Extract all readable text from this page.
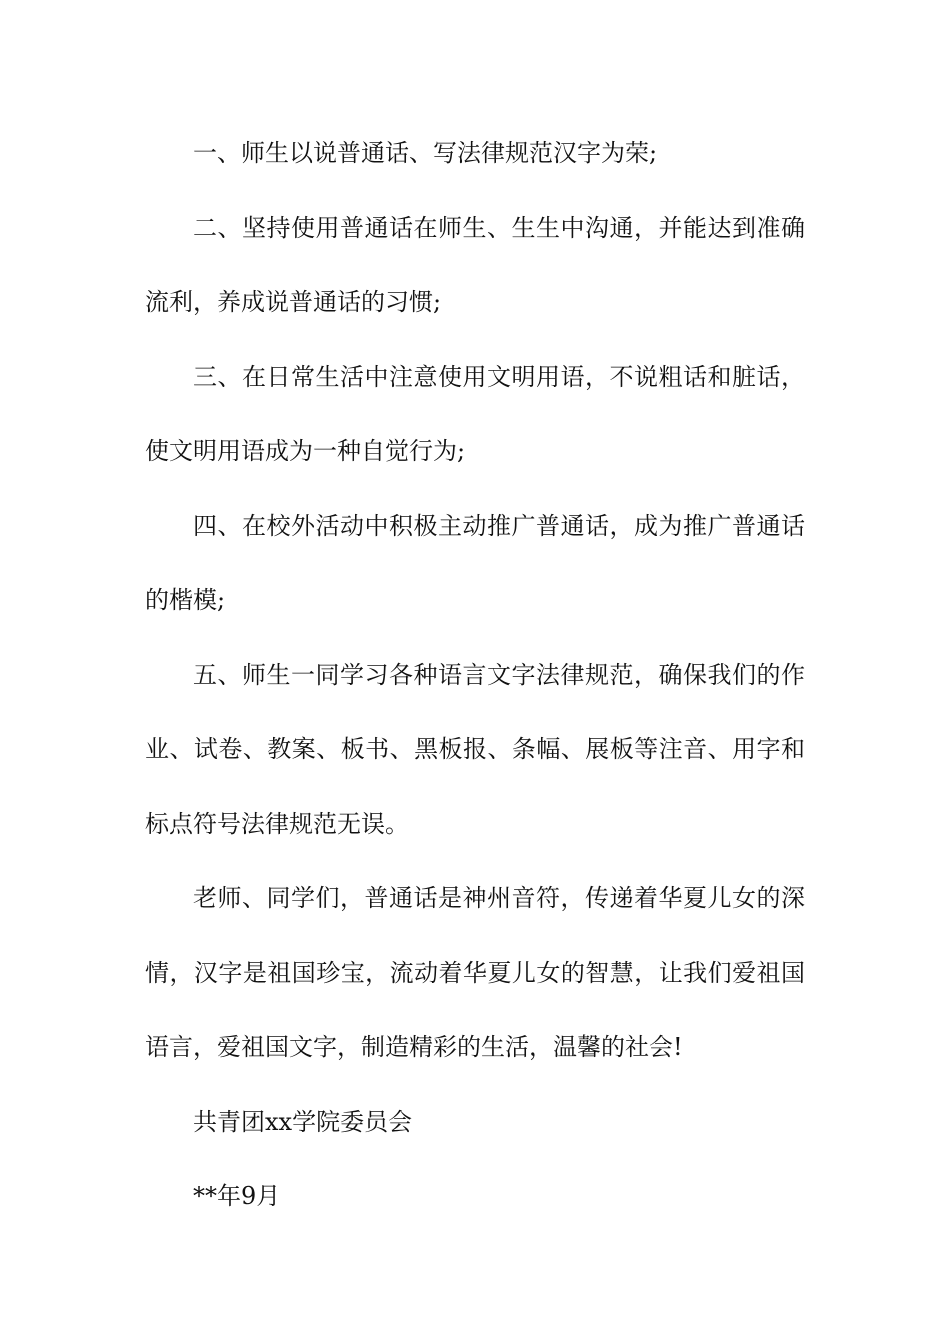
一、师生以说普通话、写法律规范汉字为荣;

二、坚持使用普通话在师生、生生中沟通，并能达到准确流利，养成说普通话的习惯;

三、在日常生活中注意使用文明用语，不说粗话和脏话，使文明用语成为一种自觉行为;

四、在校外活动中积极主动推广普通话，成为推广普通话的楷模;

五、师生一同学习各种语言文字法律规范，确保我们的作业、试卷、教案、板书、黑板报、条幅、展板等注音、用字和标点符号法律规范无误。

老师、同学们，普通话是神州音符，传递着华夏儿女的深情，汉字是祖国珍宝，流动着华夏儿女的智慧，让我们爱祖国语言，爱祖国文字，制造精彩的生活，温馨的社会!

共青团xx学院委员会

**年9月
